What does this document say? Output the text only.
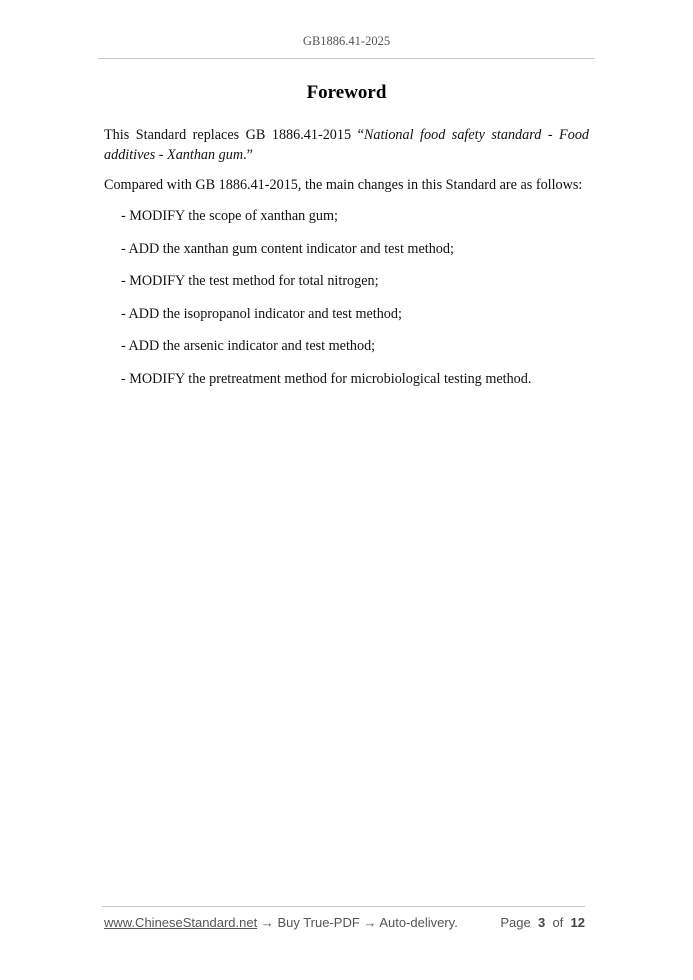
GB1886.41-2025
Foreword
This Standard replaces GB 1886.41-2015 “National food safety standard - Food
additives - Xanthan gum.”
Compared with GB 1886.41-2015, the main changes in this Standard are as follows:
- MODIFY the scope of xanthan gum;
- ADD the xanthan gum content indicator and test method;
- MODIFY the test method for total nitrogen;
- ADD the isopropanol indicator and test method;
- ADD the arsenic indicator and test method;
- MODIFY the pretreatment method for microbiological testing method.
www.ChineseStandard.net → Buy True-PDF → Auto-delivery.	Page 3 of 12
